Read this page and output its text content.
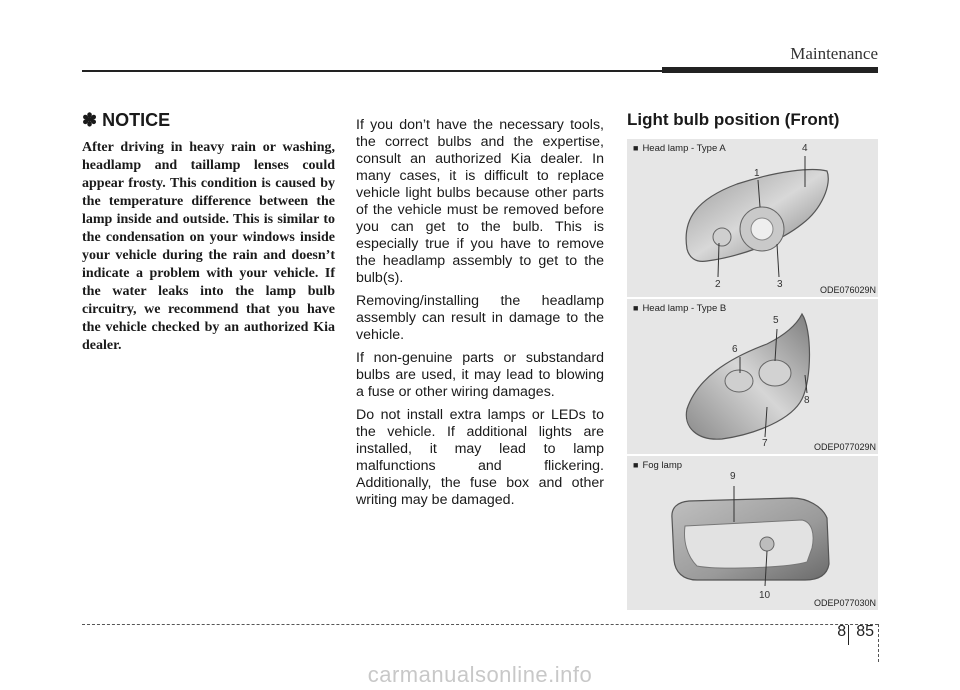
Maintenance
✽ NOTICE

After driving in heavy rain or washing, headlamp and taillamp lenses could appear frosty. This condition is caused by the temperature difference between the lamp inside and outside. This is similar to the condensation on your windows inside your vehicle during the rain and doesn’t indicate a problem with your vehicle. If the water leaks into the lamp bulb circuitry, we recommend that you have the vehicle checked by an authorized Kia dealer.

If you don’t have the necessary tools, the correct bulbs and the expertise, consult an authorized Kia dealer. In many cases, it is difficult to replace vehicle light bulbs because other parts of the vehicle must be removed before you can get to the bulb. This is especially true if you have to remove the headlamp assembly to get to the bulb(s).

Removing/installing the headlamp assembly can result in damage to the vehicle.

If non-genuine parts or substandard bulbs are used, it may lead to blowing a fuse or other wiring damages.

Do not install extra lamps or LEDs to the vehicle. If additional lights are installed, it may lead to lamp malfunctions and flickering. Additionally, the fuse box and other writing may be damaged.

Light bulb position (Front)
■ Head lamp - Type A
1
4
2	3	ODE076029N
■ Head lamp - Type B
5
6
8
7	ODEP077029N
■ Fog lamp
9
10
ODEP077030N
8 85
carmanualsonline.info
